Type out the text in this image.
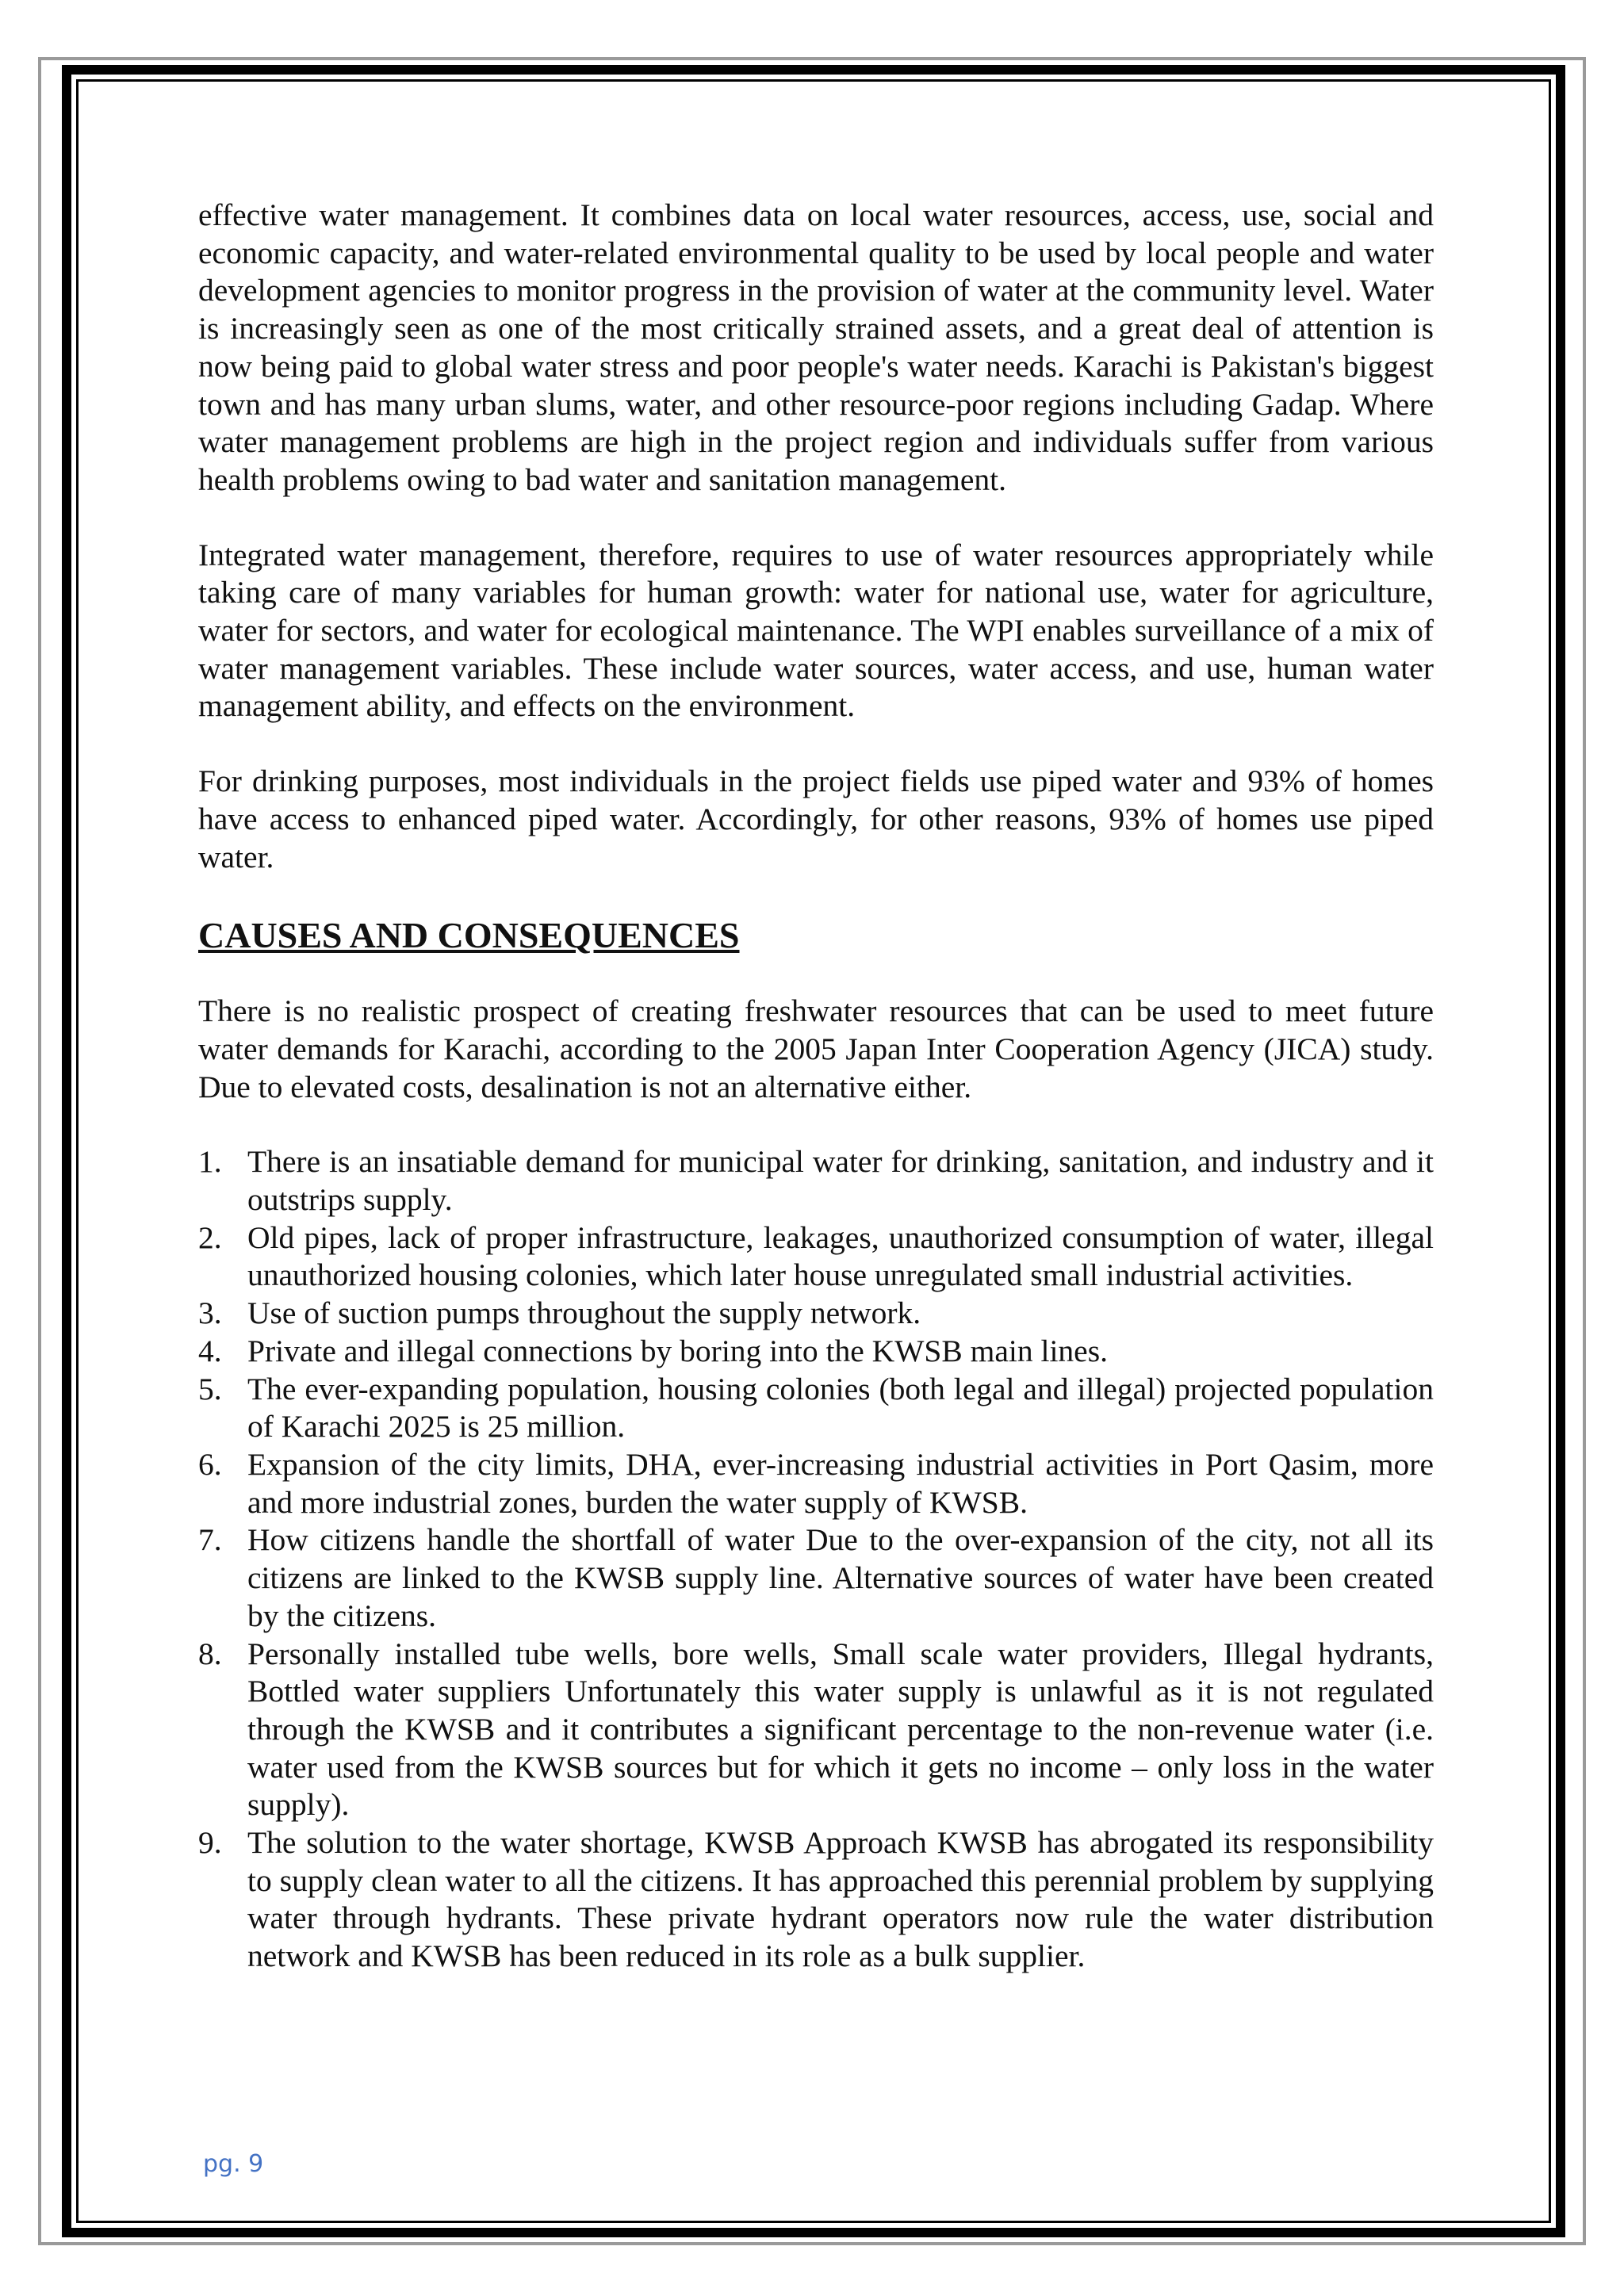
effective water management. It combines data on local water resources, access, use, social and economic capacity, and water-related environmental quality to be used by local people and water development agencies to monitor progress in the provision of water at the community level. Water is increasingly seen as one of the most critically strained assets, and a great deal of attention is now being paid to global water stress and poor people's water needs. Karachi is Pakistan's biggest town and has many urban slums, water, and other resource-poor regions including Gadap. Where water management problems are high in the project region and individuals suffer from various health problems owing to bad water and sanitation management.

Integrated water management, therefore, requires to use of water resources appropriately while taking care of many variables for human growth: water for national use, water for agriculture, water for sectors, and water for ecological maintenance. The WPI enables surveillance of a mix of water management variables. These include water sources, water access, and use, human water management ability, and effects on the environment.

For drinking purposes, most individuals in the project fields use piped water and 93% of homes have access to enhanced piped water. Accordingly, for other reasons, 93% of homes use piped water.

CAUSES AND CONSEQUENCES

There is no realistic prospect of creating freshwater resources that can be used to meet future water demands for Karachi, according to the 2005 Japan Inter Cooperation Agency (JICA) study. Due to elevated costs, desalination is not an alternative either.

1. There is an insatiable demand for municipal water for drinking, sanitation, and industry and it outstrips supply.
2. Old pipes, lack of proper infrastructure, leakages, unauthorized consumption of water, illegal unauthorized housing colonies, which later house unregulated small industrial activities.
3. Use of suction pumps throughout the supply network.
4. Private and illegal connections by boring into the KWSB main lines.
5. The ever-expanding population, housing colonies (both legal and illegal) projected population of Karachi 2025 is 25 million.
6. Expansion of the city limits, DHA, ever-increasing industrial activities in Port Qasim, more and more industrial zones, burden the water supply of KWSB.
7. How citizens handle the shortfall of water Due to the over-expansion of the city, not all its citizens are linked to the KWSB supply line. Alternative sources of water have been created by the citizens.
8. Personally installed tube wells, bore wells, Small scale water providers, Illegal hydrants, Bottled water suppliers Unfortunately this water supply is unlawful as it is not regulated through the KWSB and it contributes a significant percentage to the non-revenue water (i.e. water used from the KWSB sources but for which it gets no income – only loss in the water supply).
9. The solution to the water shortage, KWSB Approach KWSB has abrogated its responsibility to supply clean water to all the citizens. It has approached this perennial problem by supplying water through hydrants. These private hydrant operators now rule the water distribution network and KWSB has been reduced in its role as a bulk supplier.
pg. 9
